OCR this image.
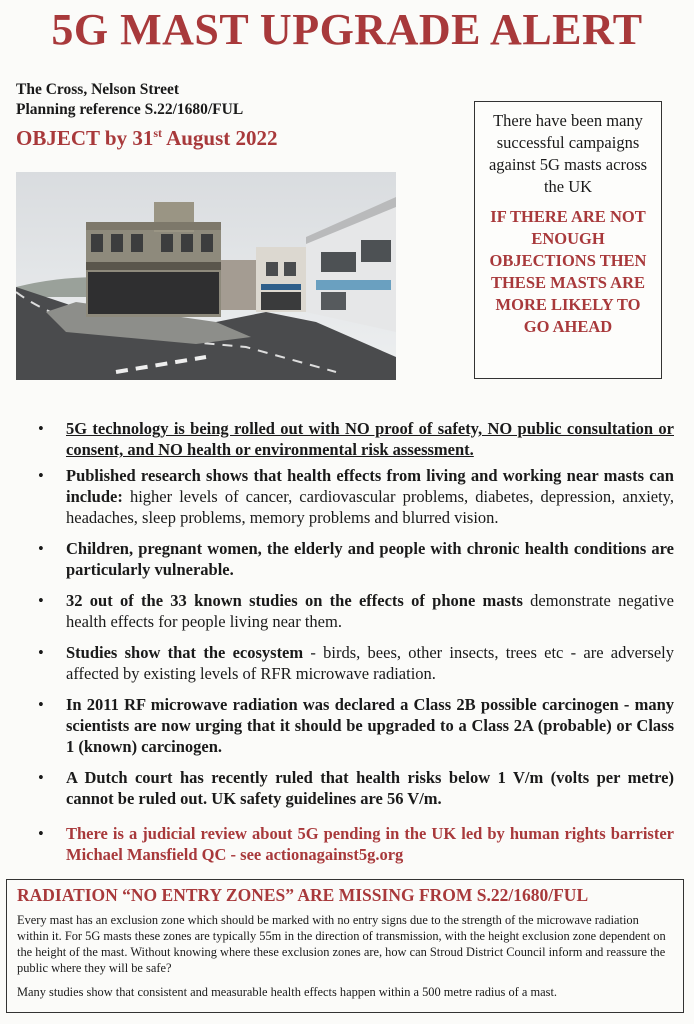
5G MAST UPGRADE ALERT
The Cross, Nelson Street
Planning reference S.22/1680/FUL
OBJECT by 31st August 2022
There have been many successful campaigns against 5G masts across the UK
IF THERE ARE NOT ENOUGH OBJECTIONS THEN THESE MASTS ARE MORE LIKELY TO GO AHEAD
• 5G technology is being rolled out with NO proof of safety, NO public consultation or consent, and NO health or environmental risk assessment.
• Published research shows that health effects from living and working near masts can include: higher levels of cancer, cardiovascular problems, diabetes, depression, anxiety, headaches, sleep problems, memory problems and blurred vision.
• Children, pregnant women, the elderly and people with chronic health conditions are particularly vulnerable.
• 32 out of the 33 known studies on the effects of phone masts demonstrate negative health effects for people living near them.
• Studies show that the ecosystem - birds, bees, other insects, trees etc - are adversely affected by existing levels of RFR microwave radiation.
• In 2011 RF microwave radiation was declared a Class 2B possible carcinogen - many scientists are now urging that it should be upgraded to a Class 2A (probable) or Class 1 (known) carcinogen.
• A Dutch court has recently ruled that health risks below 1 V/m (volts per metre) cannot be ruled out. UK safety guidelines are 56 V/m.
• There is a judicial review about 5G pending in the UK led by human rights barrister Michael Mansfield QC - see actionagainst5g.org
RADIATION “NO ENTRY ZONES” ARE MISSING FROM S.22/1680/FUL

Every mast has an exclusion zone which should be marked with no entry signs due to the strength of the microwave radiation within it. For 5G masts these zones are typically 55m in the direction of transmission, with the height exclusion zone dependent on the height of the mast. Without knowing where these exclusion zones are, how can Stroud District Council inform and reassure the public where they will be safe?

Many studies show that consistent and measurable health effects happen within a 500 metre radius of a mast.
